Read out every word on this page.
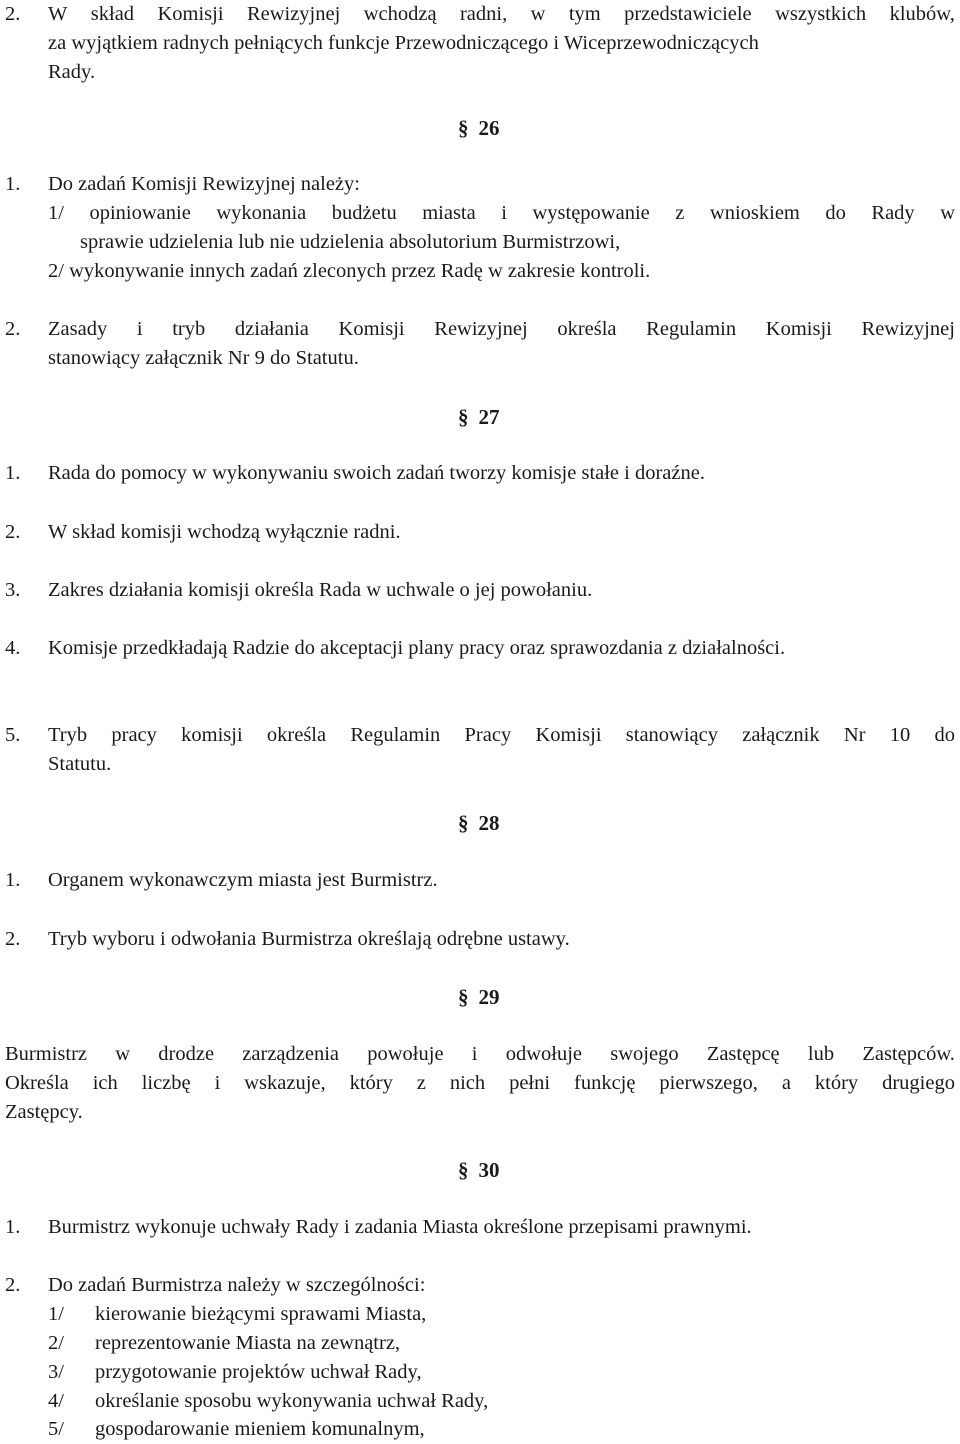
2. W skład Komisji Rewizyjnej wchodzą radni, w tym przedstawiciele wszystkich klubów,
za wyjątkiem radnych pełniących funkcje Przewodniczącego i Wiceprzewodniczących
Rady.
§ 26
1. Do zadań Komisji Rewizyjnej należy:
1/ opiniowanie wykonania budżetu miasta i występowanie z wnioskiem do Rady w
sprawie udzielenia lub nie udzielenia absolutorium Burmistrzowi,
2/ wykonywanie innych zadań zleconych przez Radę w zakresie kontroli.
2. Zasady i tryb działania Komisji Rewizyjnej określa Regulamin Komisji Rewizyjnej
stanowiący załącznik Nr 9 do Statutu.
§ 27
1. Rada do pomocy w wykonywaniu swoich zadań tworzy komisje stałe i doraźne.
2. W skład komisji wchodzą wyłącznie radni.
3. Zakres działania komisji określa Rada w uchwale o jej powołaniu.
4. Komisje przedkładają Radzie do akceptacji plany pracy oraz sprawozdania z działalności.
5. Tryb pracy komisji określa Regulamin Pracy Komisji stanowiący załącznik Nr 10 do
Statutu.
§ 28
1. Organem wykonawczym miasta jest Burmistrz.
2. Tryb wyboru i odwołania Burmistrza określają odrębne ustawy.
§ 29
Burmistrz w drodze zarządzenia powołuje i odwołuje swojego Zastępcę lub Zastępców.
Określa ich liczbę i wskazuje, który z nich pełni funkcję pierwszego, a który drugiego
Zastępcy.
§ 30
1. Burmistrz wykonuje uchwały Rady i zadania Miasta określone przepisami prawnymi.
2. Do zadań Burmistrza należy w szczególności:
1/ kierowanie bieżącymi sprawami Miasta,
2/ reprezentowanie Miasta na zewnątrz,
3/ przygotowanie projektów uchwał Rady,
4/ określanie sposobu wykonywania uchwał Rady,
5/ gospodarowanie mieniem komunalnym,
